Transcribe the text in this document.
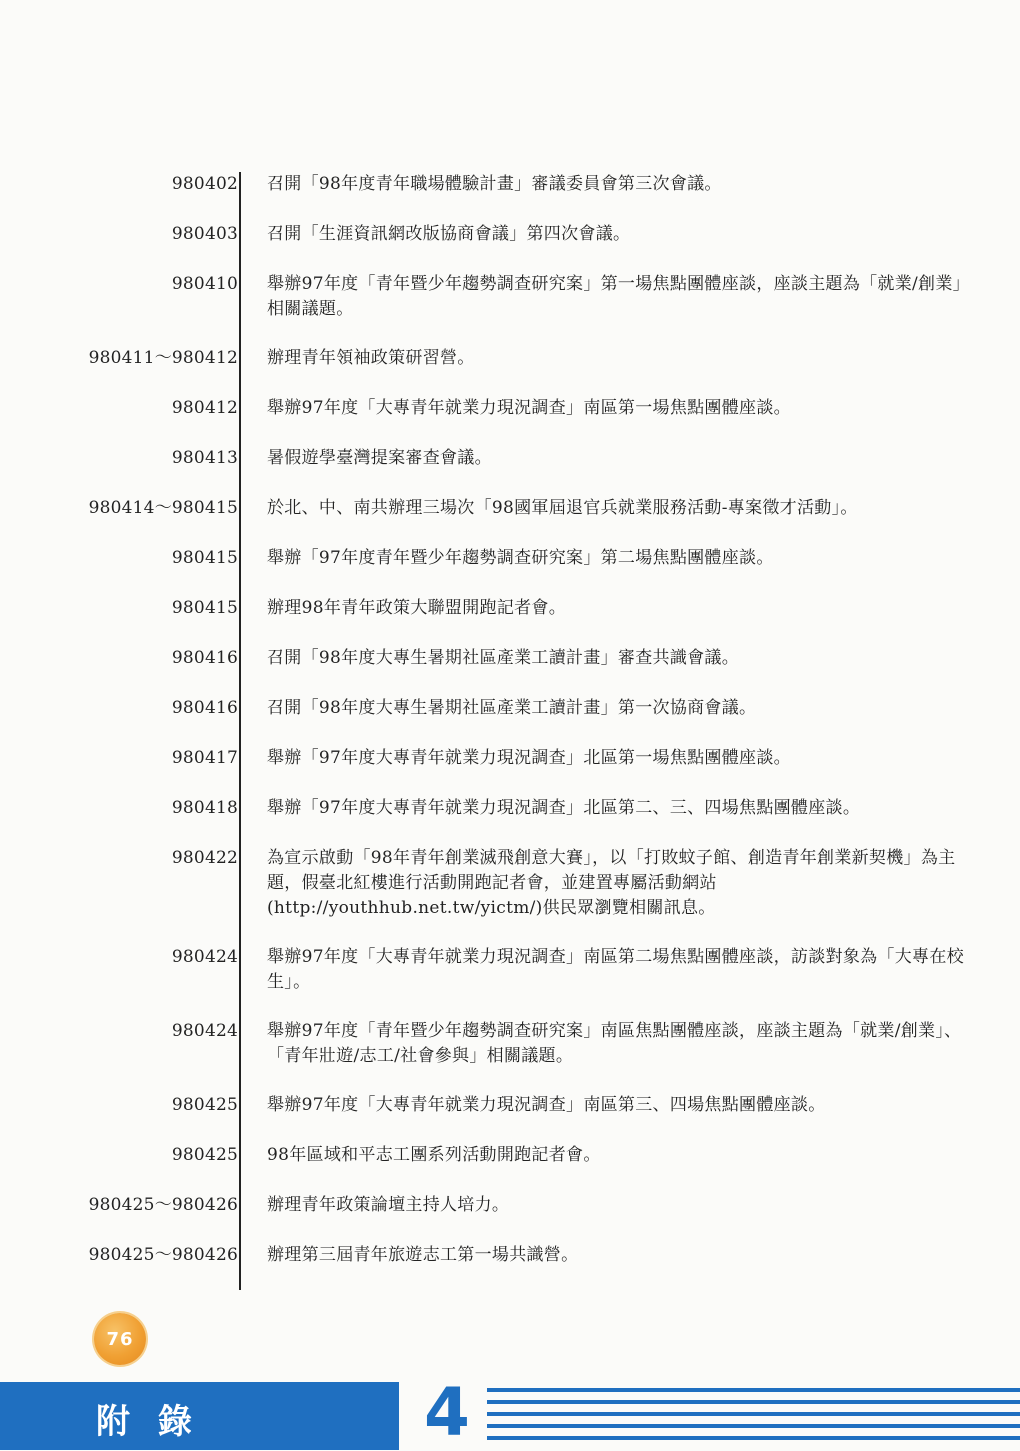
980402 召開「98年度青年職場體驗計畫」審議委員會第三次會議。
980403 召開「生涯資訊網改版協商會議」第四次會議。
980410 舉辦97年度「青年暨少年趨勢調查研究案」第一場焦點團體座談，座談主題為「就業/創業」相關議題。
980411～980412 辦理青年領袖政策研習營。
980412 舉辦97年度「大專青年就業力現況調查」南區第一場焦點團體座談。
980413 暑假遊學臺灣提案審查會議。
980414～980415 於北、中、南共辦理三場次「98國軍屆退官兵就業服務活動-專案徵才活動」。
980415 舉辦「97年度青年暨少年趨勢調查研究案」第二場焦點團體座談。
980415 辦理98年青年政策大聯盟開跑記者會。
980416 召開「98年度大專生暑期社區產業工讀計畫」審查共識會議。
980416 召開「98年度大專生暑期社區產業工讀計畫」第一次協商會議。
980417 舉辦「97年度大專青年就業力現況調查」北區第一場焦點團體座談。
980418 舉辦「97年度大專青年就業力現況調查」北區第二、三、四場焦點團體座談。
980422 為宣示啟動「98年青年創業滅飛創意大賽」，以「打敗蚊子館、創造青年創業新契機」為主題，假臺北紅樓進行活動開跑記者會，並建置專屬活動網站(http://youthhub.net.tw/yictm/)供民眾瀏覽相關訊息。
980424 舉辦97年度「大專青年就業力現況調查」南區第二場焦點團體座談，訪談對象為「大專在校生」。
980424 舉辦97年度「青年暨少年趨勢調查研究案」南區焦點團體座談，座談主題為「就業/創業」、「青年壯遊/志工/社會參與」相關議題。
980425 舉辦97年度「大專青年就業力現況調查」南區第三、四場焦點團體座談。
980425 98年區域和平志工團系列活動開跑記者會。
980425～980426 辦理青年政策論壇主持人培力。
980425～980426 辦理第三屆青年旅遊志工第一場共識營。
76
附 錄	4
